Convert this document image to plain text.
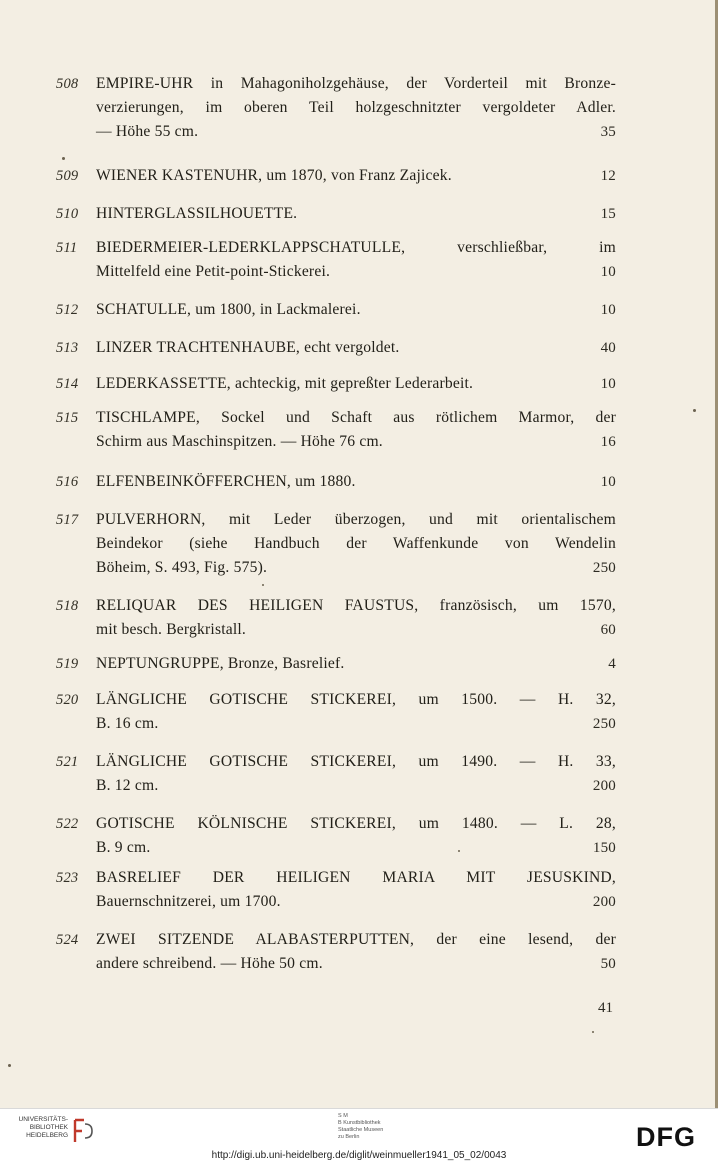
508	EMPIRE-UHR in Mahagoniholzgehäuse, der Vorderteil mit Bronze-
verzierungen, im oberen Teil holzgeschnitzter vergoldeter Adler.
— Höhe 55 cm.	35
509	WIENER KASTENUHR, um 1870, von Franz Zajicek.	12
510	HINTERGLASSILHOUETTE.	15
511	BIEDERMEIER-LEDERKLAPPSCHATULLE, verschließbar, im
Mittelfeld eine Petit-point-Stickerei.	10
512	SCHATULLE, um 1800, in Lackmalerei.	10
513	LINZER TRACHTENHAUBE, echt vergoldet.	40
514	LEDERKASSETTE, achteckig, mit gepreßter Lederarbeit.	10
515	TISCHLAMPE, Sockel und Schaft aus rötlichem Marmor, der
Schirm aus Maschinspitzen. — Höhe 76 cm.	16
516	ELFENBEINKÖFFERCHEN, um 1880.	10
517	PULVERHORN, mit Leder überzogen, und mit orientalischem
Beindekor (siehe Handbuch der Waffenkunde von Wendelin
Böheim, S. 493, Fig. 575).	250
518	RELIQUAR DES HEILIGEN FAUSTUS, französisch, um 1570,
mit besch. Bergkristall.	60
519	NEPTUNGRUPPE, Bronze, Basrelief.	4
520	LÄNGLICHE GOTISCHE STICKEREI, um 1500. — H. 32,
B. 16 cm.	250
521	LÄNGLICHE GOTISCHE STICKEREI, um 1490. — H. 33,
B. 12 cm.	200
522	GOTISCHE KÖLNISCHE STICKEREI, um 1480. — L. 28,
B. 9 cm.	150
523	BASRELIEF DER HEILIGEN MARIA MIT JESUSKIND,
Bauernschnitzerei, um 1700.	200
524	ZWEI SITZENDE ALABASTERPUTTEN, der eine lesend, der
andere schreibend. — Höhe 50 cm.	50
41
UNIVERSITÄTS-
BIBLIOTHEK
HEIDELBERG
S M
B Kunstbibliothek
Staatliche Museen
zu Berlin	DFG
http://digi.ub.uni-heidelberg.de/diglit/weinmueller1941_05_02/0043
